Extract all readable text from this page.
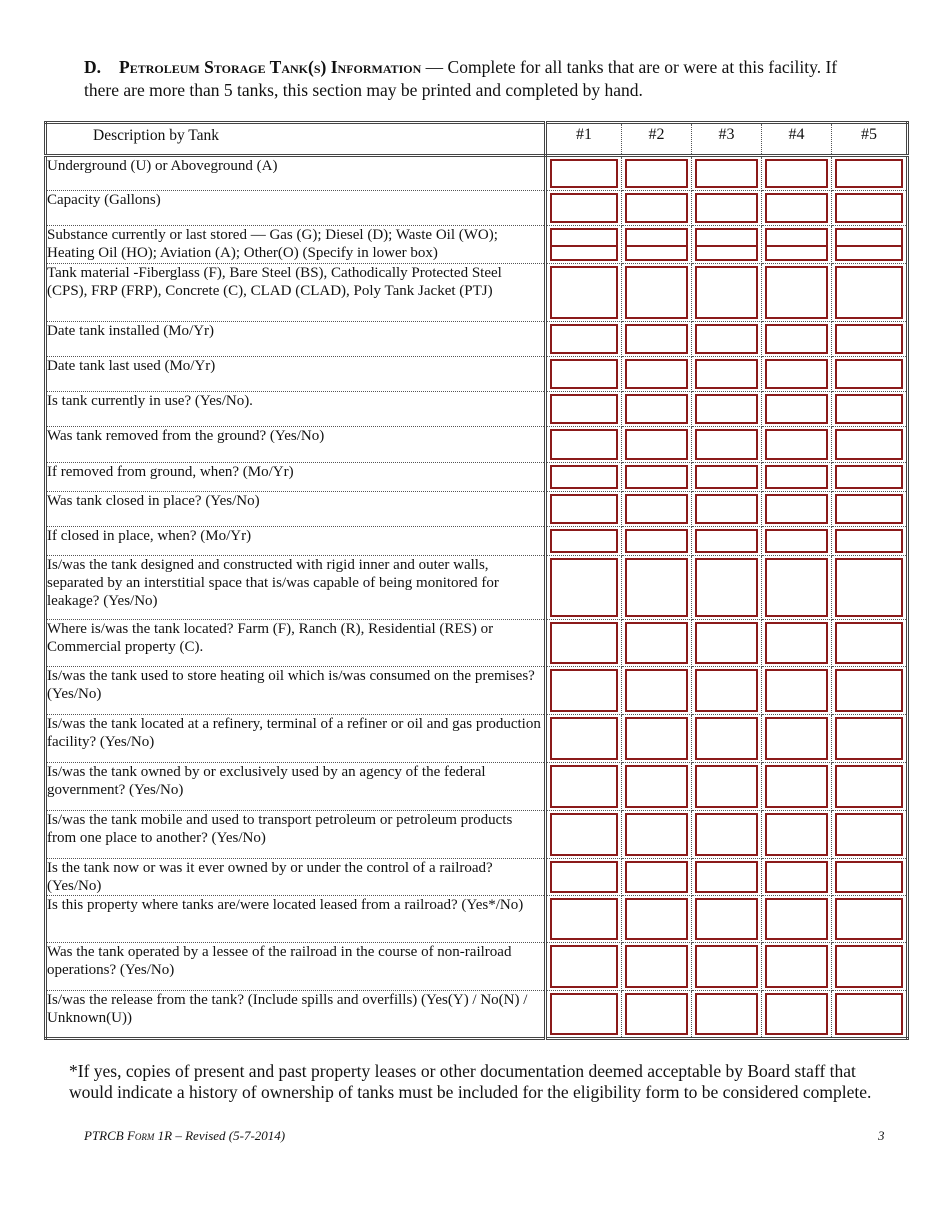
D. Petroleum Storage Tank(s) Information — Complete for all tanks that are or were at this facility. If there are more than 5 tanks, this section may be printed and completed by hand.
Description by Tank	#1	#2	#3	#4	#5
Underground (U) or Aboveground (A)	

Capacity (Gallons)	

Substance currently or last stored — Gas (G); Diesel (D); Waste Oil (WO); Heating Oil (HO); Aviation (A); Other(O) (Specify in lower box)	

Tank material -Fiberglass (F), Bare Steel (BS), Cathodically Protected Steel (CPS), FRP (FRP), Concrete (C), CLAD (CLAD), Poly Tank Jacket (PTJ)	

Date tank installed (Mo/Yr)	

Date tank last used (Mo/Yr)	

Is tank currently in use? (Yes/No).	

Was tank removed from the ground? (Yes/No)	

If removed from ground, when? (Mo/Yr)	

Was tank closed in place? (Yes/No)	

If closed in place, when? (Mo/Yr)	

Is/was the tank designed and constructed with rigid inner and outer walls, separated by an interstitial space that is/was capable of being monitored for leakage? (Yes/No)	

Where is/was the tank located? Farm (F), Ranch (R), Residential (RES) or Commercial property (C).	

Is/was the tank used to store heating oil which is/was consumed on the premises? (Yes/No)	

Is/was the tank located at a refinery, terminal of a refiner or oil and gas production facility? (Yes/No)	

Is/was the tank owned by or exclusively used by an agency of the federal government? (Yes/No)	

Is/was the tank mobile and used to transport petroleum or petroleum products from one place to another? (Yes/No)	

Is the tank now or was it ever owned by or under the control of a railroad? (Yes/No)	

Is this property where tanks are/were located leased from a railroad? (Yes*/No)	

Was the tank operated by a lessee of the railroad in the course of non-railroad operations? (Yes/No)	

Is/was the release from the tank? (Include spills and overfills) (Yes(Y) / No(N) / Unknown(U))	

*If yes, copies of present and past property leases or other documentation deemed acceptable by Board staff that would indicate a history of ownership of tanks must be included for the eligibility form to be considered complete.
PTRCB Form 1R – Revised (5-7-2014)	3
